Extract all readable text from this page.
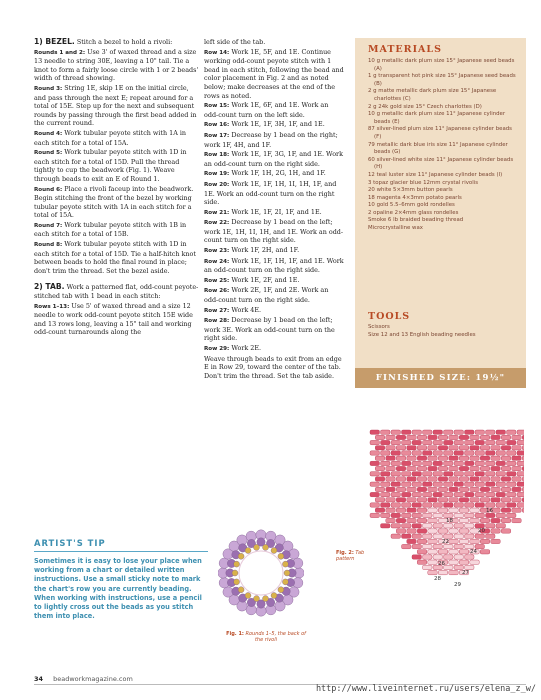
1) BEZEL. Stitch a bezel to hold a rivoli:

Rounds 1 and 2: Use 3' of waxed thread and a size 13 needle to string 30E, leaving a 10" tail. Tie a knot to form a fairly loose circle with 1 or 2 beads' width of thread showing.

Round 3: String 1E, skip 1E on the initial circle, and pass through the next E; repeat around for a total of 15E. Step up for the next and subsequent rounds by passing through the first bead added in the current round.

Round 4: Work tubular peyote stitch with 1A in each stitch for a total of 15A.

Round 5: Work tubular peyote stitch with 1D in each stitch for a total of 15D. Pull the thread tightly to cup the beadwork (Fig. 1). Weave through beads to exit an E of Round 1.

Round 6: Place a rivoli faceup into the beadwork. Begin stitching the front of the bezel by working tubular peyote stitch with 1A in each stitch for a total of 15A.

Round 7: Work tubular peyote stitch with 1B in each stitch for a total of 15B.

Round 8: Work tubular peyote stitch with 1D in each stitch for a total of 15D. Tie a half-hitch knot between beads to hold the final round in place; don't trim the thread. Set the bezel aside.

2) TAB. Work a patterned flat, odd-count peyote-stitched tab with 1 bead in each stitch:

Rows 1–13: Use 5' of waxed thread and a size 12 needle to work odd-count peyote stitch 15E wide and 13 rows long, leaving a 15" tail and working odd-count turnarounds along the

left side of the tab.

Row 14: Work 1E, 5F, and 1E. Continue working odd-count peyote stitch with 1 bead in each stitch, following the bead and color placement in Fig. 2 and as noted below; make decreases at the end of the rows as noted.

Row 15: Work 1E, 6F, and 1E. Work an odd-count turn on the left side.

Row 16: Work 1E, 1F, 3H, 1F, and 1E.

Row 17: Decrease by 1 bead on the right; work 1F, 4H, and 1F.

Row 18: Work 1E, 1F, 3G, 1F, and 1E. Work an odd-count turn on the right side.

Row 19: Work 1F, 1H, 2G, 1H, and 1F.

Row 20: Work 1E, 1F, 1H, 1I, 1H, 1F, and 1E. Work an odd-count turn on the right side.

Row 21: Work 1E, 1F, 2I, 1F, and 1E.

Row 22: Decrease by 1 bead on the left; work 1E, 1H, 1I, 1H, and 1E. Work an odd-count turn on the right side.

Row 23: Work 1F, 2H, and 1F.

Row 24: Work 1E, 1F, 1H, 1F, and 1E. Work an odd-count turn on the right side.

Row 25: Work 1E, 2F, and 1E.

Row 26: Work 2E, 1F, and 2E. Work an odd-count turn on the right side.

Row 27: Work 4E.

Row 28: Decrease by 1 bead on the left; work 3E. Work an odd-count turn on the right side.

Row 29: Work 2E.

Weave through beads to exit from an edge E in Row 29, toward the center of the tab. Don't trim the thread. Set the tab aside.

MATERIALS

10 g metallic dark plum size 15° Japanese seed beads (A)
1 g transparent hot pink size 15° Japanese seed beads (B)
2 g matte metallic dark plum size 15° Japanese charlottes (C)
2 g 24k gold size 15° Czech charlottes (D)
10 g metallic dark plum size 11° Japanese cylinder beads (E)
87 silver-lined plum size 11° Japanese cylinder beads (F)
79 metallic dark blue iris size 11° Japanese cylinder beads (G)
60 silver-lined white size 11° Japanese cylinder beads (H)
12 teal luster size 11° Japanese cylinder beads (I)
3 topaz glacier blue 12mm crystal rivolis
20 white 5×3mm button pearls
18 magenta 4×3mm potato pearls
10 gold 5.5–6mm gold rondelles
2 opaline 2×4mm glass rondelles
Smoke 6 lb braided beading thread
Microcrystalline wax

TOOLS

Scissors
Size 12 and 13 English beading needles
FINISHED SIZE: 19½"
ARTIST'S TIP
Sometimes it is easy to lose your place when working from a chart or detailed written instructions. Use a small sticky note to mark the chart's row you are currently beading. When working with instructions, use a pencil to lightly cross out the beads as you stitch them into place.
Fig. 1: Rounds 1–5, the back of the rivoli
16
18
20
22
24
26
27
28
29
Fig. 2: Tab pattern
34 beadworkmagazine.com
http://www.liveinternet.ru/users/elena_z_w/
